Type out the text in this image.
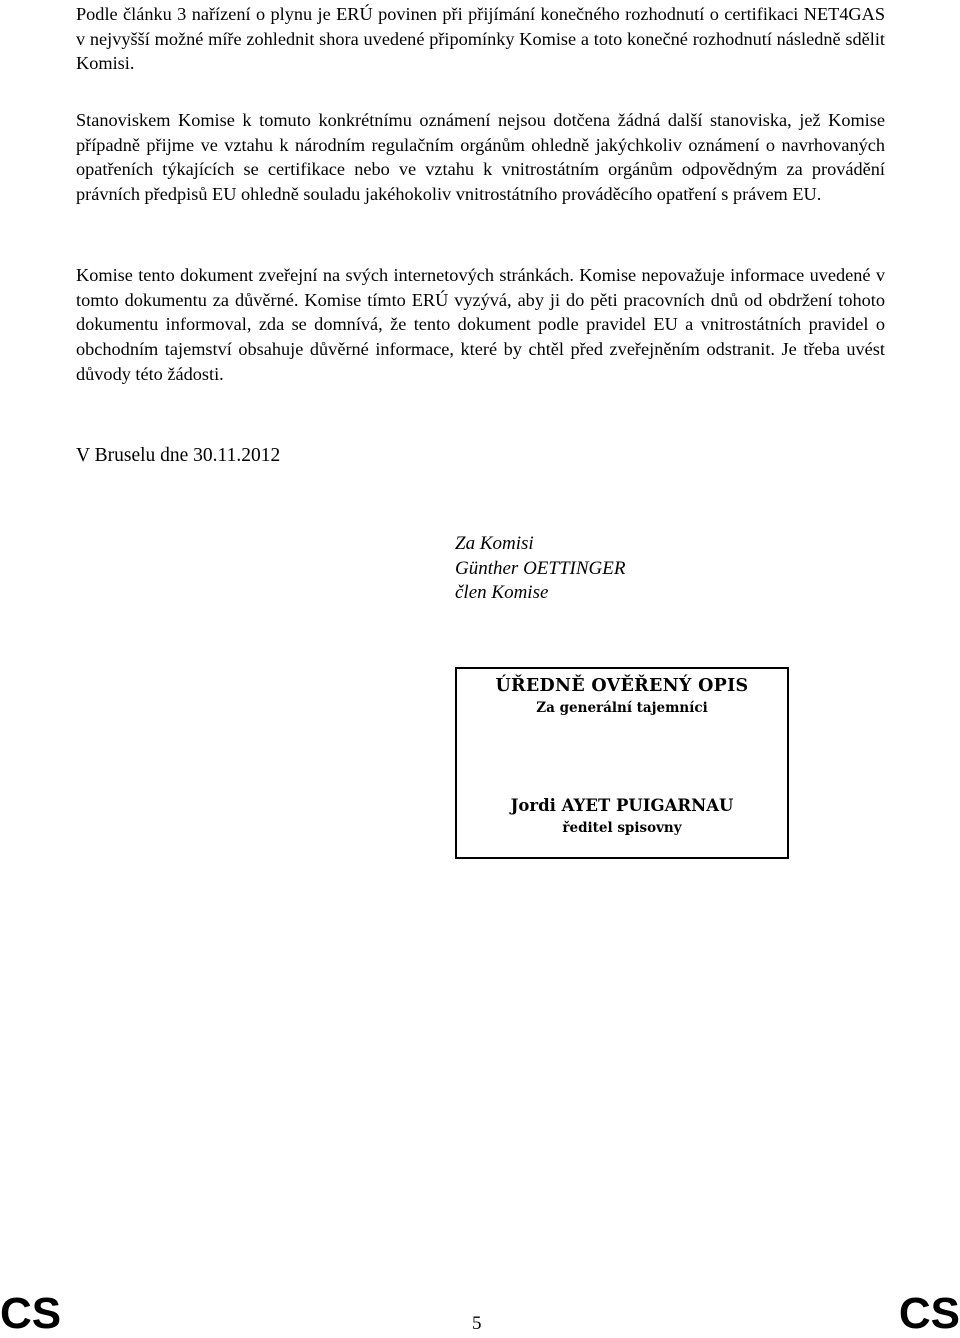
Podle článku 3 nařízení o plynu je ERÚ povinen při přijímání konečného rozhodnutí o certifikaci NET4GAS v nejvyšší možné míře zohlednit shora uvedené připomínky Komise a toto konečné rozhodnutí následně sdělit Komisi.

Stanoviskem Komise k tomuto konkrétnímu oznámení nejsou dotčena žádná další stanoviska, jež Komise případně přijme ve vztahu k národním regulačním orgánům ohledně jakýchkoliv oznámení o navrhovaných opatřeních týkajících se certifikace nebo ve vztahu k vnitrostátním orgánům odpovědným za provádění právních předpisů EU ohledně souladu jakéhokoliv vnitrostátního prováděcího opatření s právem EU.

Komise tento dokument zveřejní na svých internetových stránkách. Komise nepovažuje informace uvedené v tomto dokumentu za důvěrné. Komise tímto ERÚ vyzývá, aby ji do pěti pracovních dnů od obdržení tohoto dokumentu informoval, zda se domnívá, že tento dokument podle pravidel EU a vnitrostátních pravidel o obchodním tajemství obsahuje důvěrné informace, které by chtěl před zveřejněním odstranit. Je třeba uvést důvody této žádosti.

V Bruselu dne 30.11.2012

Za Komisi
Günther OETTINGER
člen Komise
ÚŘEDNĚ OVĚŘENÝ OPIS
Za generální tajemníci
Jordi AYET PUIGARNAU
ředitel spisovny
CS	5	CS
